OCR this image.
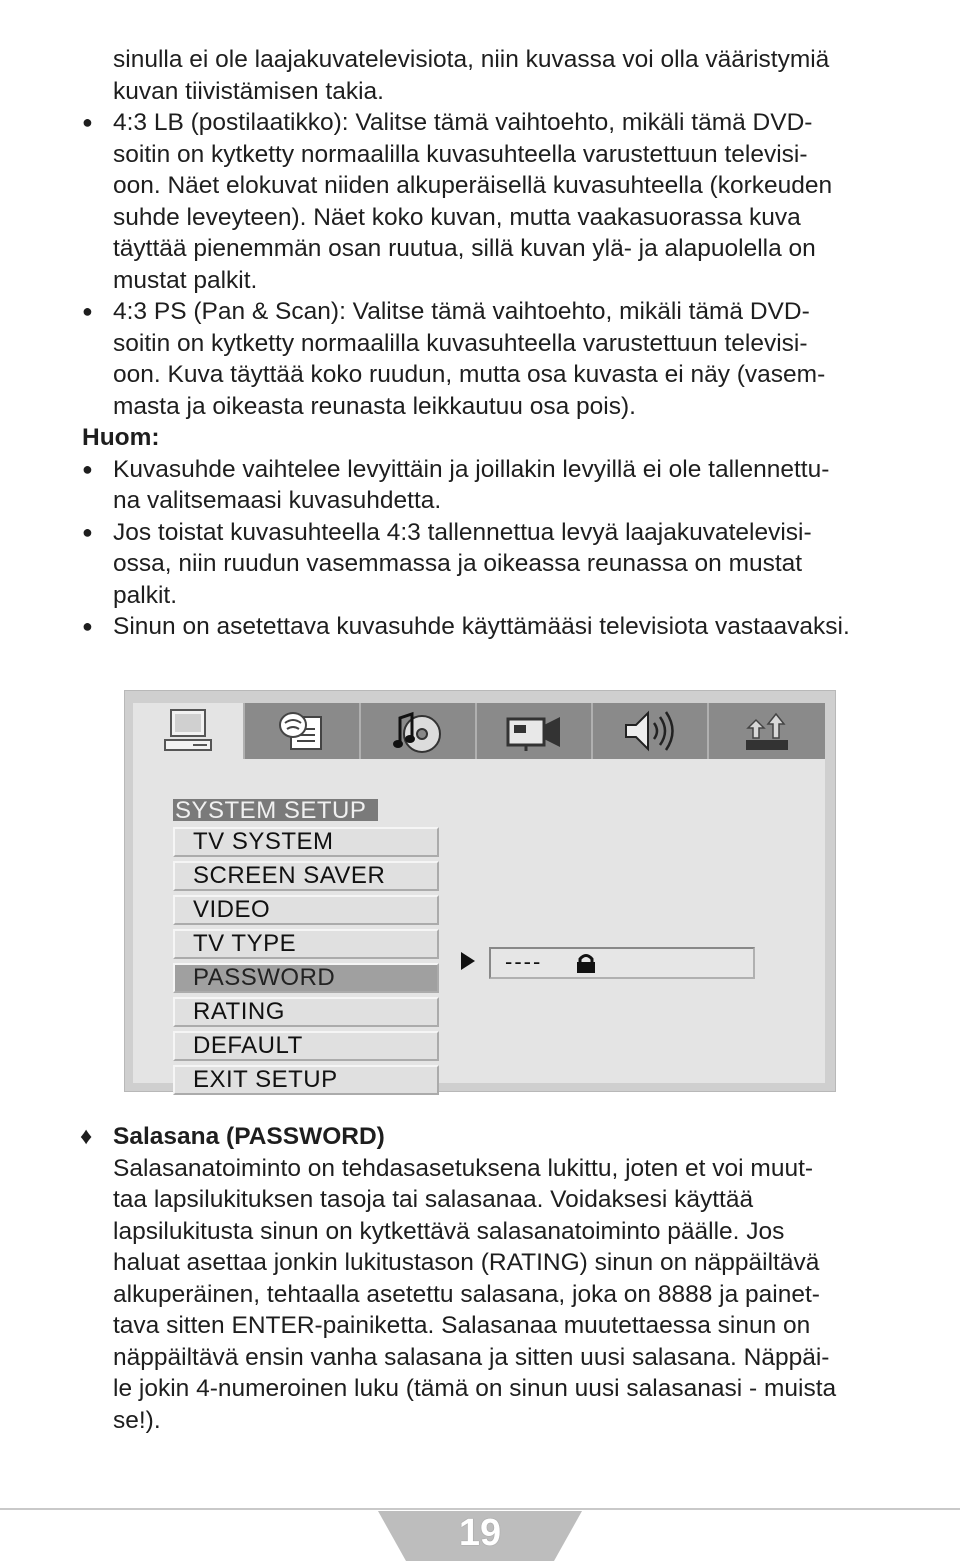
sinulla ei ole laajakuvatelevisiota, niin kuvassa voi olla vääristymiä

kuvan tiivistämisen takia.

● 4:3 LB (postilaatikko): Valitse tämä vaihtoehto, mikäli tämä DVD-

soitin on kytketty normaalilla kuvasuhteella varustettuun televisi-

oon. Näet elokuvat niiden alkuperäisellä kuvasuhteella (korkeuden

suhde leveyteen). Näet koko kuvan, mutta vaakasuorassa kuva

täyttää pienemmän osan ruutua, sillä kuvan ylä- ja alapuolella on

mustat palkit.

● 4:3 PS (Pan & Scan): Valitse tämä vaihtoehto, mikäli tämä DVD-

soitin on kytketty normaalilla kuvasuhteella varustettuun televisi-

oon. Kuva täyttää koko ruudun, mutta osa kuvasta ei näy (vasem-

masta ja oikeasta reunasta leikkautuu osa pois).

Huom:

● Kuvasuhde vaihtelee levyittäin ja joillakin levyillä ei ole tallennettu-

na valitsemaasi kuvasuhdetta.

● Jos toistat kuvasuhteella 4:3 tallennettua levyä laajakuvatelevisi-

ossa, niin ruudun vasemmassa ja oikeassa reunassa on mustat

palkit.

● Sinun on asetettava kuvasuhde käyttämääsi televisiota vastaavaksi.
SYSTEM SETUP
TV SYSTEM
SCREEN SAVER
VIDEO
TV TYPE
PASSWORD
RATING
DEFAULT
EXIT SETUP
----
♦ Salasana (PASSWORD)

Salasanatoiminto on tehdasasetuksena lukittu, joten et voi muut-

taa lapsilukituksen tasoja tai salasanaa. Voidaksesi käyttää

lapsilukitusta sinun on kytkettävä salasanatoiminto päälle. Jos

haluat asettaa jonkin lukitustason (RATING) sinun on näppäiltävä

alkuperäinen, tehtaalla asetettu salasana, joka on 8888 ja painet-

tava sitten ENTER-painiketta. Salasanaa muutettaessa sinun on

näppäiltävä ensin vanha salasana ja sitten uusi salasana. Näppäi-

le jokin 4-numeroinen luku (tämä on sinun uusi salasanasi - muista

se!).

19
